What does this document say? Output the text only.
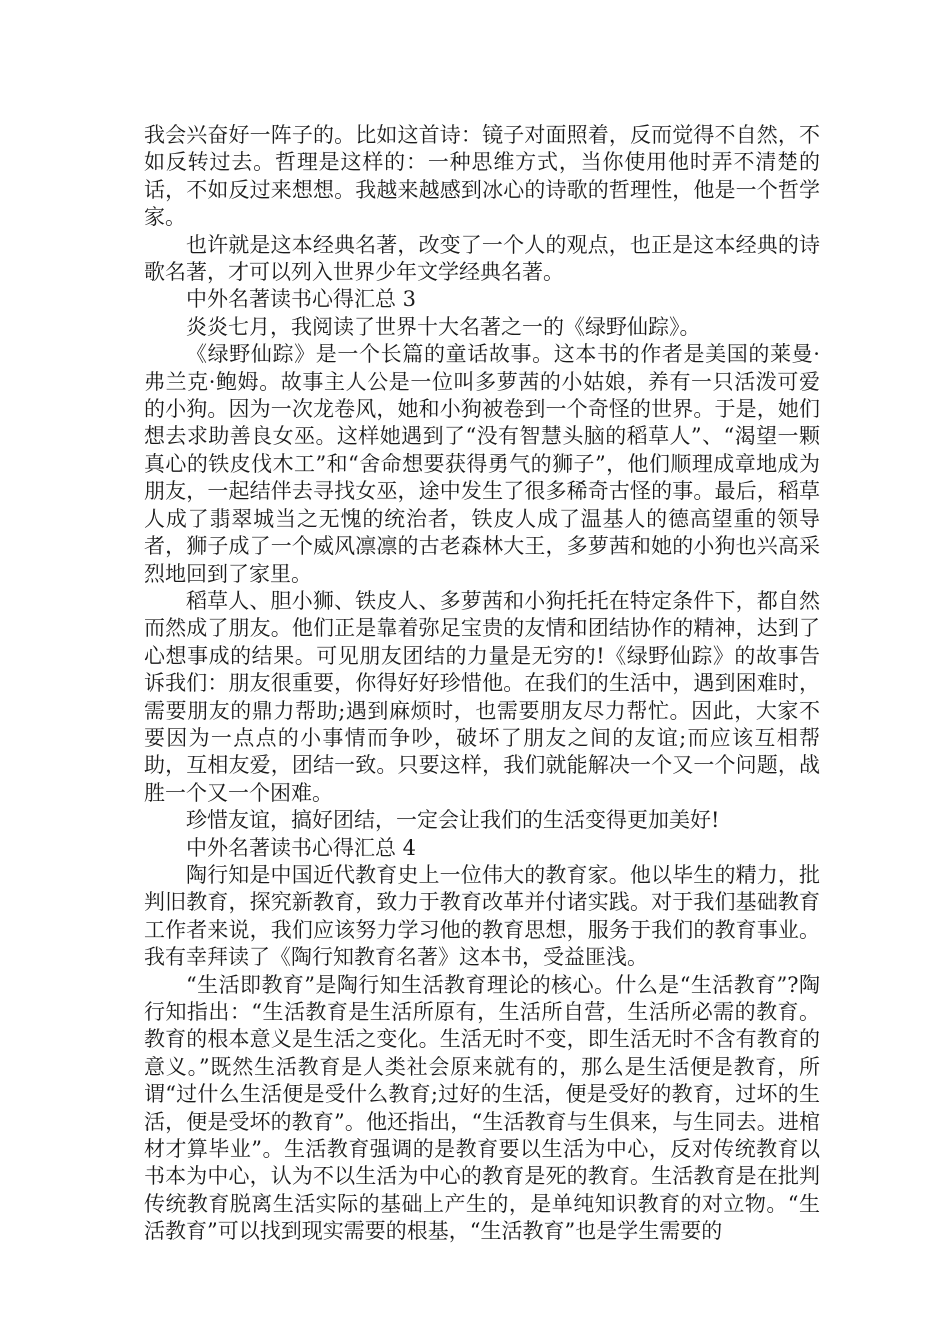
我会兴奋好一阵子的。比如这首诗：镜子对面照着，反而觉得不自然，不如反转过去。哲理是这样的：一种思维方式，当你使用他时弄不清楚的话，不如反过来想想。我越来越感到冰心的诗歌的哲理性，他是一个哲学家。

也许就是这本经典名著，改变了一个人的观点，也正是这本经典的诗歌名著，才可以列入世界少年文学经典名著。

中外名著读书心得汇总 3

炎炎七月，我阅读了世界十大名著之一的《绿野仙踪》。

《绿野仙踪》是一个长篇的童话故事。这本书的作者是美国的莱曼·弗兰克·鲍姆。故事主人公是一位叫多萝茜的小姑娘，养有一只活泼可爱的小狗。因为一次龙卷风，她和小狗被卷到一个奇怪的世界。于是，她们想去求助善良女巫。这样她遇到了“没有智慧头脑的稻草人”、“渴望一颗真心的铁皮伐木工”和“舍命想要获得勇气的狮子”，他们顺理成章地成为朋友，一起结伴去寻找女巫，途中发生了很多稀奇古怪的事。最后，稻草人成了翡翠城当之无愧的统治者，铁皮人成了温基人的德高望重的领导者，狮子成了一个威风凛凛的古老森林大王，多萝茜和她的小狗也兴高采烈地回到了家里。

稻草人、胆小狮、铁皮人、多萝茜和小狗托托在特定条件下，都自然而然成了朋友。他们正是靠着弥足宝贵的友情和团结协作的精神，达到了心想事成的结果。可见朋友团结的力量是无穷的!《绿野仙踪》的故事告诉我们：朋友很重要，你得好好珍惜他。在我们的生活中，遇到困难时，需要朋友的鼎力帮助;遇到麻烦时，也需要朋友尽力帮忙。因此，大家不要因为一点点的小事情而争吵，破坏了朋友之间的友谊;而应该互相帮助，互相友爱，团结一致。只要这样，我们就能解决一个又一个问题，战胜一个又一个困难。

珍惜友谊，搞好团结，一定会让我们的生活变得更加美好!

中外名著读书心得汇总 4

陶行知是中国近代教育史上一位伟大的教育家。他以毕生的精力，批判旧教育，探究新教育，致力于教育改革并付诸实践。对于我们基础教育工作者来说，我们应该努力学习他的教育思想，服务于我们的教育事业。我有幸拜读了《陶行知教育名著》这本书，受益匪浅。

“生活即教育”是陶行知生活教育理论的核心。什么是“生活教育”?陶行知指出：“生活教育是生活所原有，生活所自营，生活所必需的教育。教育的根本意义是生活之变化。生活无时不变，即生活无时不含有教育的意义。”既然生活教育是人类社会原来就有的，那么是生活便是教育，所谓“过什么生活便是受什么教育;过好的生活，便是受好的教育，过坏的生活，便是受坏的教育”。他还指出，“生活教育与生俱来，与生同去。进棺材才算毕业”。生活教育强调的是教育要以生活为中心，反对传统教育以书本为中心，认为不以生活为中心的教育是死的教育。生活教育是在批判传统教育脱离生活实际的基础上产生的，是单纯知识教育的对立物。“生活教育”可以找到现实需要的根基，“生活教育”也是学生需要的
